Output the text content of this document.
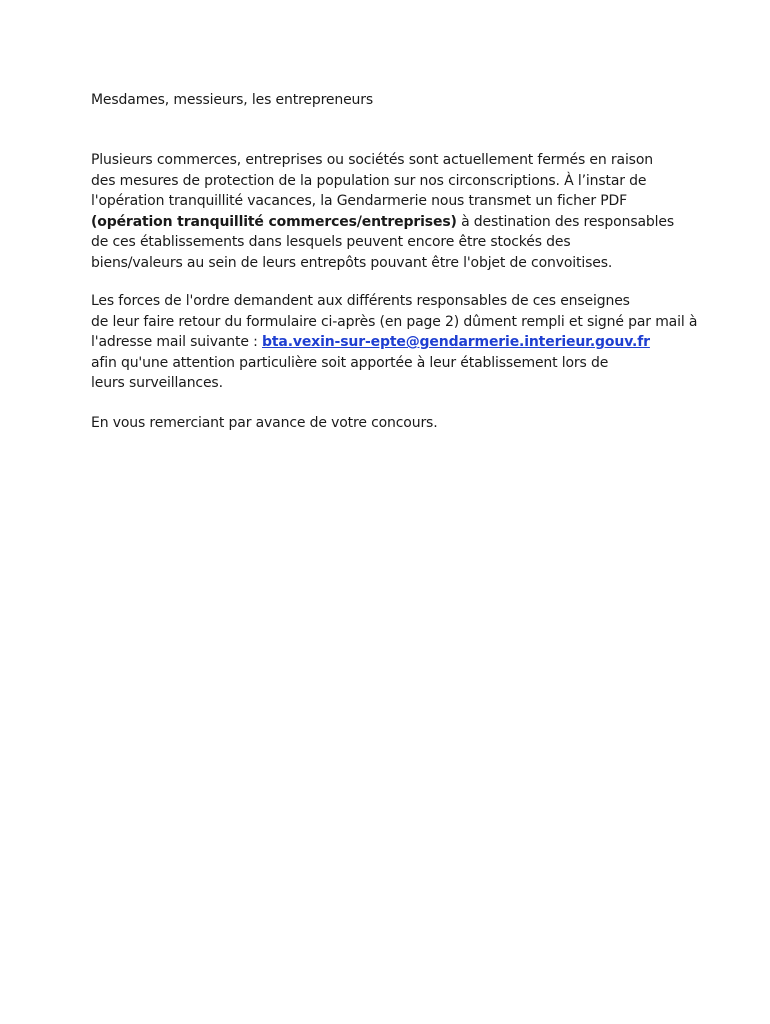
Mesdames, messieurs, les entrepreneurs
Plusieurs commerces, entreprises ou sociétés sont actuellement fermés en raison
des mesures de protection de la population sur nos circonscriptions. À l’instar de
l'opération tranquillité vacances, la Gendarmerie nous transmet un ficher PDF
(opération tranquillité commerces/entreprises) à destination des responsables
de ces établissements dans lesquels peuvent encore être stockés des
biens/valeurs au sein de leurs entrepôts pouvant être l'objet de convoitises.
Les forces de l'ordre demandent aux différents responsables de ces enseignes
de leur faire retour du formulaire ci-après (en page 2) dûment rempli et signé par mail à
l'adresse mail suivante : bta.vexin-sur-epte@gendarmerie.interieur.gouv.fr
afin qu'une attention particulière soit apportée à leur établissement lors de
leurs surveillances.
En vous remerciant par avance de votre concours.
